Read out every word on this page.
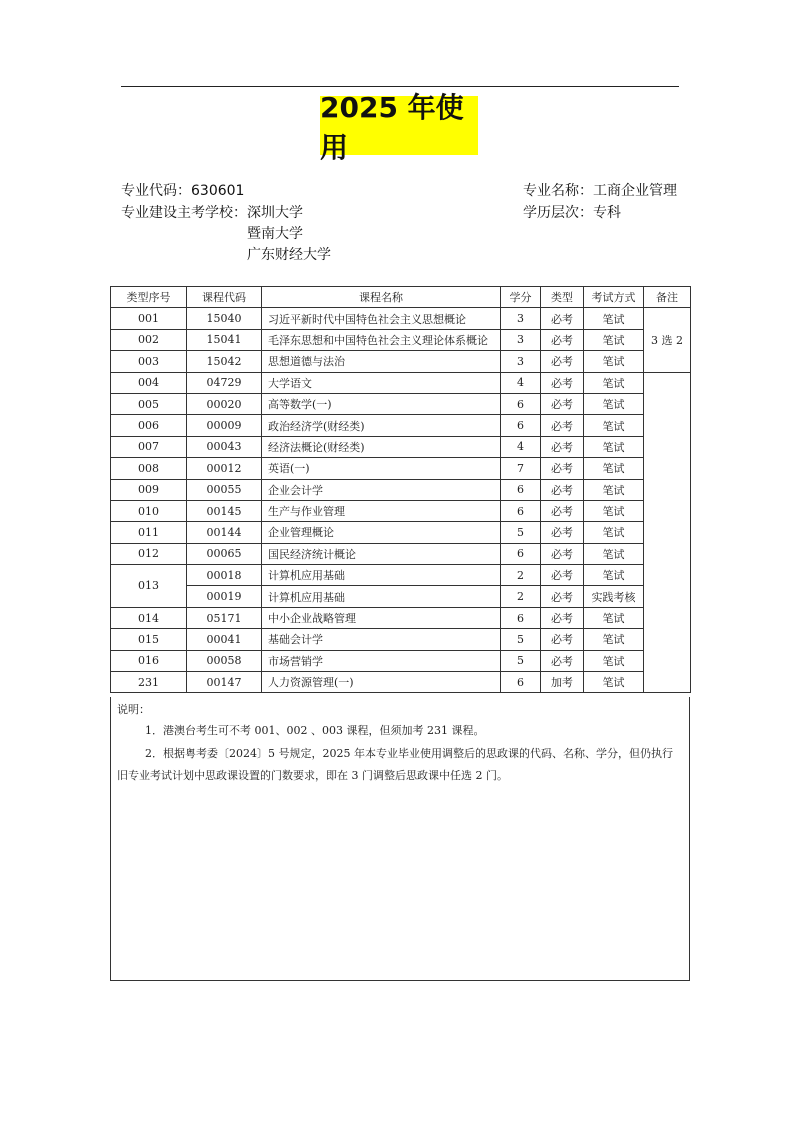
2025 年使用
专业代码：630601	专业名称：工商企业管理
专业建设主考学校： 深圳大学
暨南大学
广东财经大学
学历层次：专科
类型序号	课程代码	课程名称	学分	类型	考试方式	备注	
001	15040	习近平新时代中国特色社会主义思想概论	3	必考	笔试	3 选 2	
002	15041	毛泽东思想和中国特色社会主义理论体系概论	3	必考	笔试		
003	15042	思想道德与法治	3	必考	笔试		
004	04729	大学语文	4	必考	笔试		
005	00020	高等数学(一)	6	必考	笔试		
006	00009	政治经济学(财经类)	6	必考	笔试		
007	00043	经济法概论(财经类)	4	必考	笔试		
008	00012	英语(一)	7	必考	笔试		
009	00055	企业会计学	6	必考	笔试		
010	00145	生产与作业管理	6	必考	笔试		
011	00144	企业管理概论	5	必考	笔试		
012	00065	国民经济统计概论	6	必考	笔试		
013	00018	计算机应用基础	2	必考	笔试		
	00019	计算机应用基础	2	必考	实践考核		
014	05171	中小企业战略管理	6	必考	笔试		
015	00041	基础会计学	5	必考	笔试		
016	00058	市场营销学	5	必考	笔试		
231	00147	人力资源管理(一)	6	加考	笔试		
说明：
1．港澳台考生可不考 001、002 、003 课程，但须加考 231 课程。
2．根据粤考委〔2024〕5 号规定，2025 年本专业毕业使用调整后的思政课的代码、名称、学分，但仍执行旧专业考试计划中思政课设置的门数要求，即在 3 门调整后思政课中任选 2 门。
